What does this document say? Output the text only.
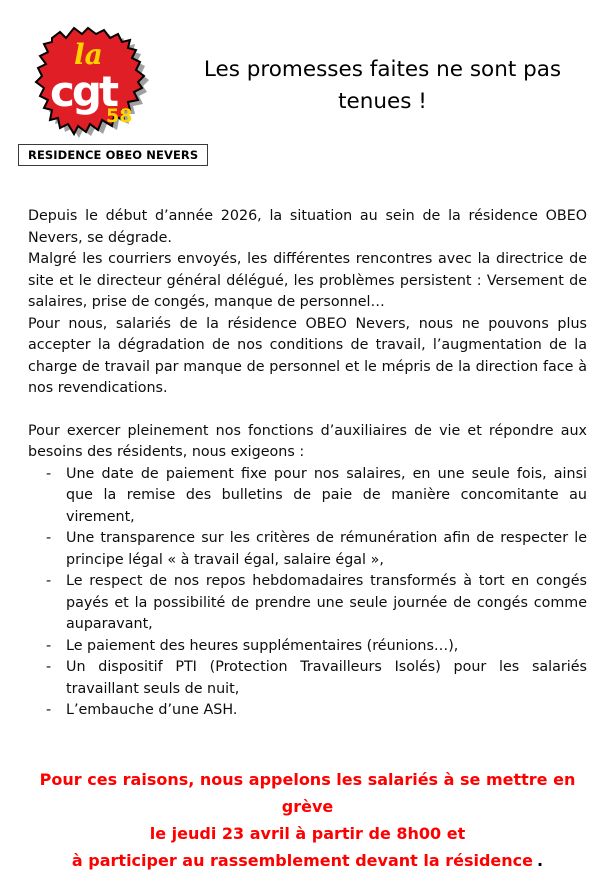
la
cgt
58
RESIDENCE OBEO NEVERS
Les promesses faites ne sont pas
tenues !

Depuis le début d’année 2026, la situation au sein de la résidence OBEO Nevers, se dégrade.

Malgré les courriers envoyés, les différentes rencontres avec la directrice de site et le directeur général délégué, les problèmes persistent : Versement de salaires, prise de congés, manque de personnel…

Pour nous, salariés de la résidence OBEO Nevers, nous ne pouvons plus accepter la dégradation de nos conditions de travail, l’augmentation de la charge de travail par manque de personnel et le mépris de la direction face à nos revendications.

Pour exercer pleinement nos fonctions d’auxiliaires de vie et répondre aux besoins des résidents, nous exigeons :

-	Une date de paiement fixe pour nos salaires, en une seule fois, ainsi que la remise des bulletins de paie de manière concomitante au virement,
-	Une transparence sur les critères de rémunération afin de respecter le principe légal « à travail égal, salaire égal »,
-	Le respect de nos repos hebdomadaires transformés à tort en congés payés et la possibilité de prendre une seule journée de congés comme auparavant,
-	Le paiement des heures supplémentaires (réunions…),
-	Un dispositif PTI (Protection Travailleurs Isolés) pour les salariés travaillant seuls de nuit,
-	L’embauche d’une ASH.
Pour ces raisons, nous appelons les salariés à se mettre en grève
le jeudi 23 avril à partir de 8h00 et
à participer au rassemblement devant la résidence .
